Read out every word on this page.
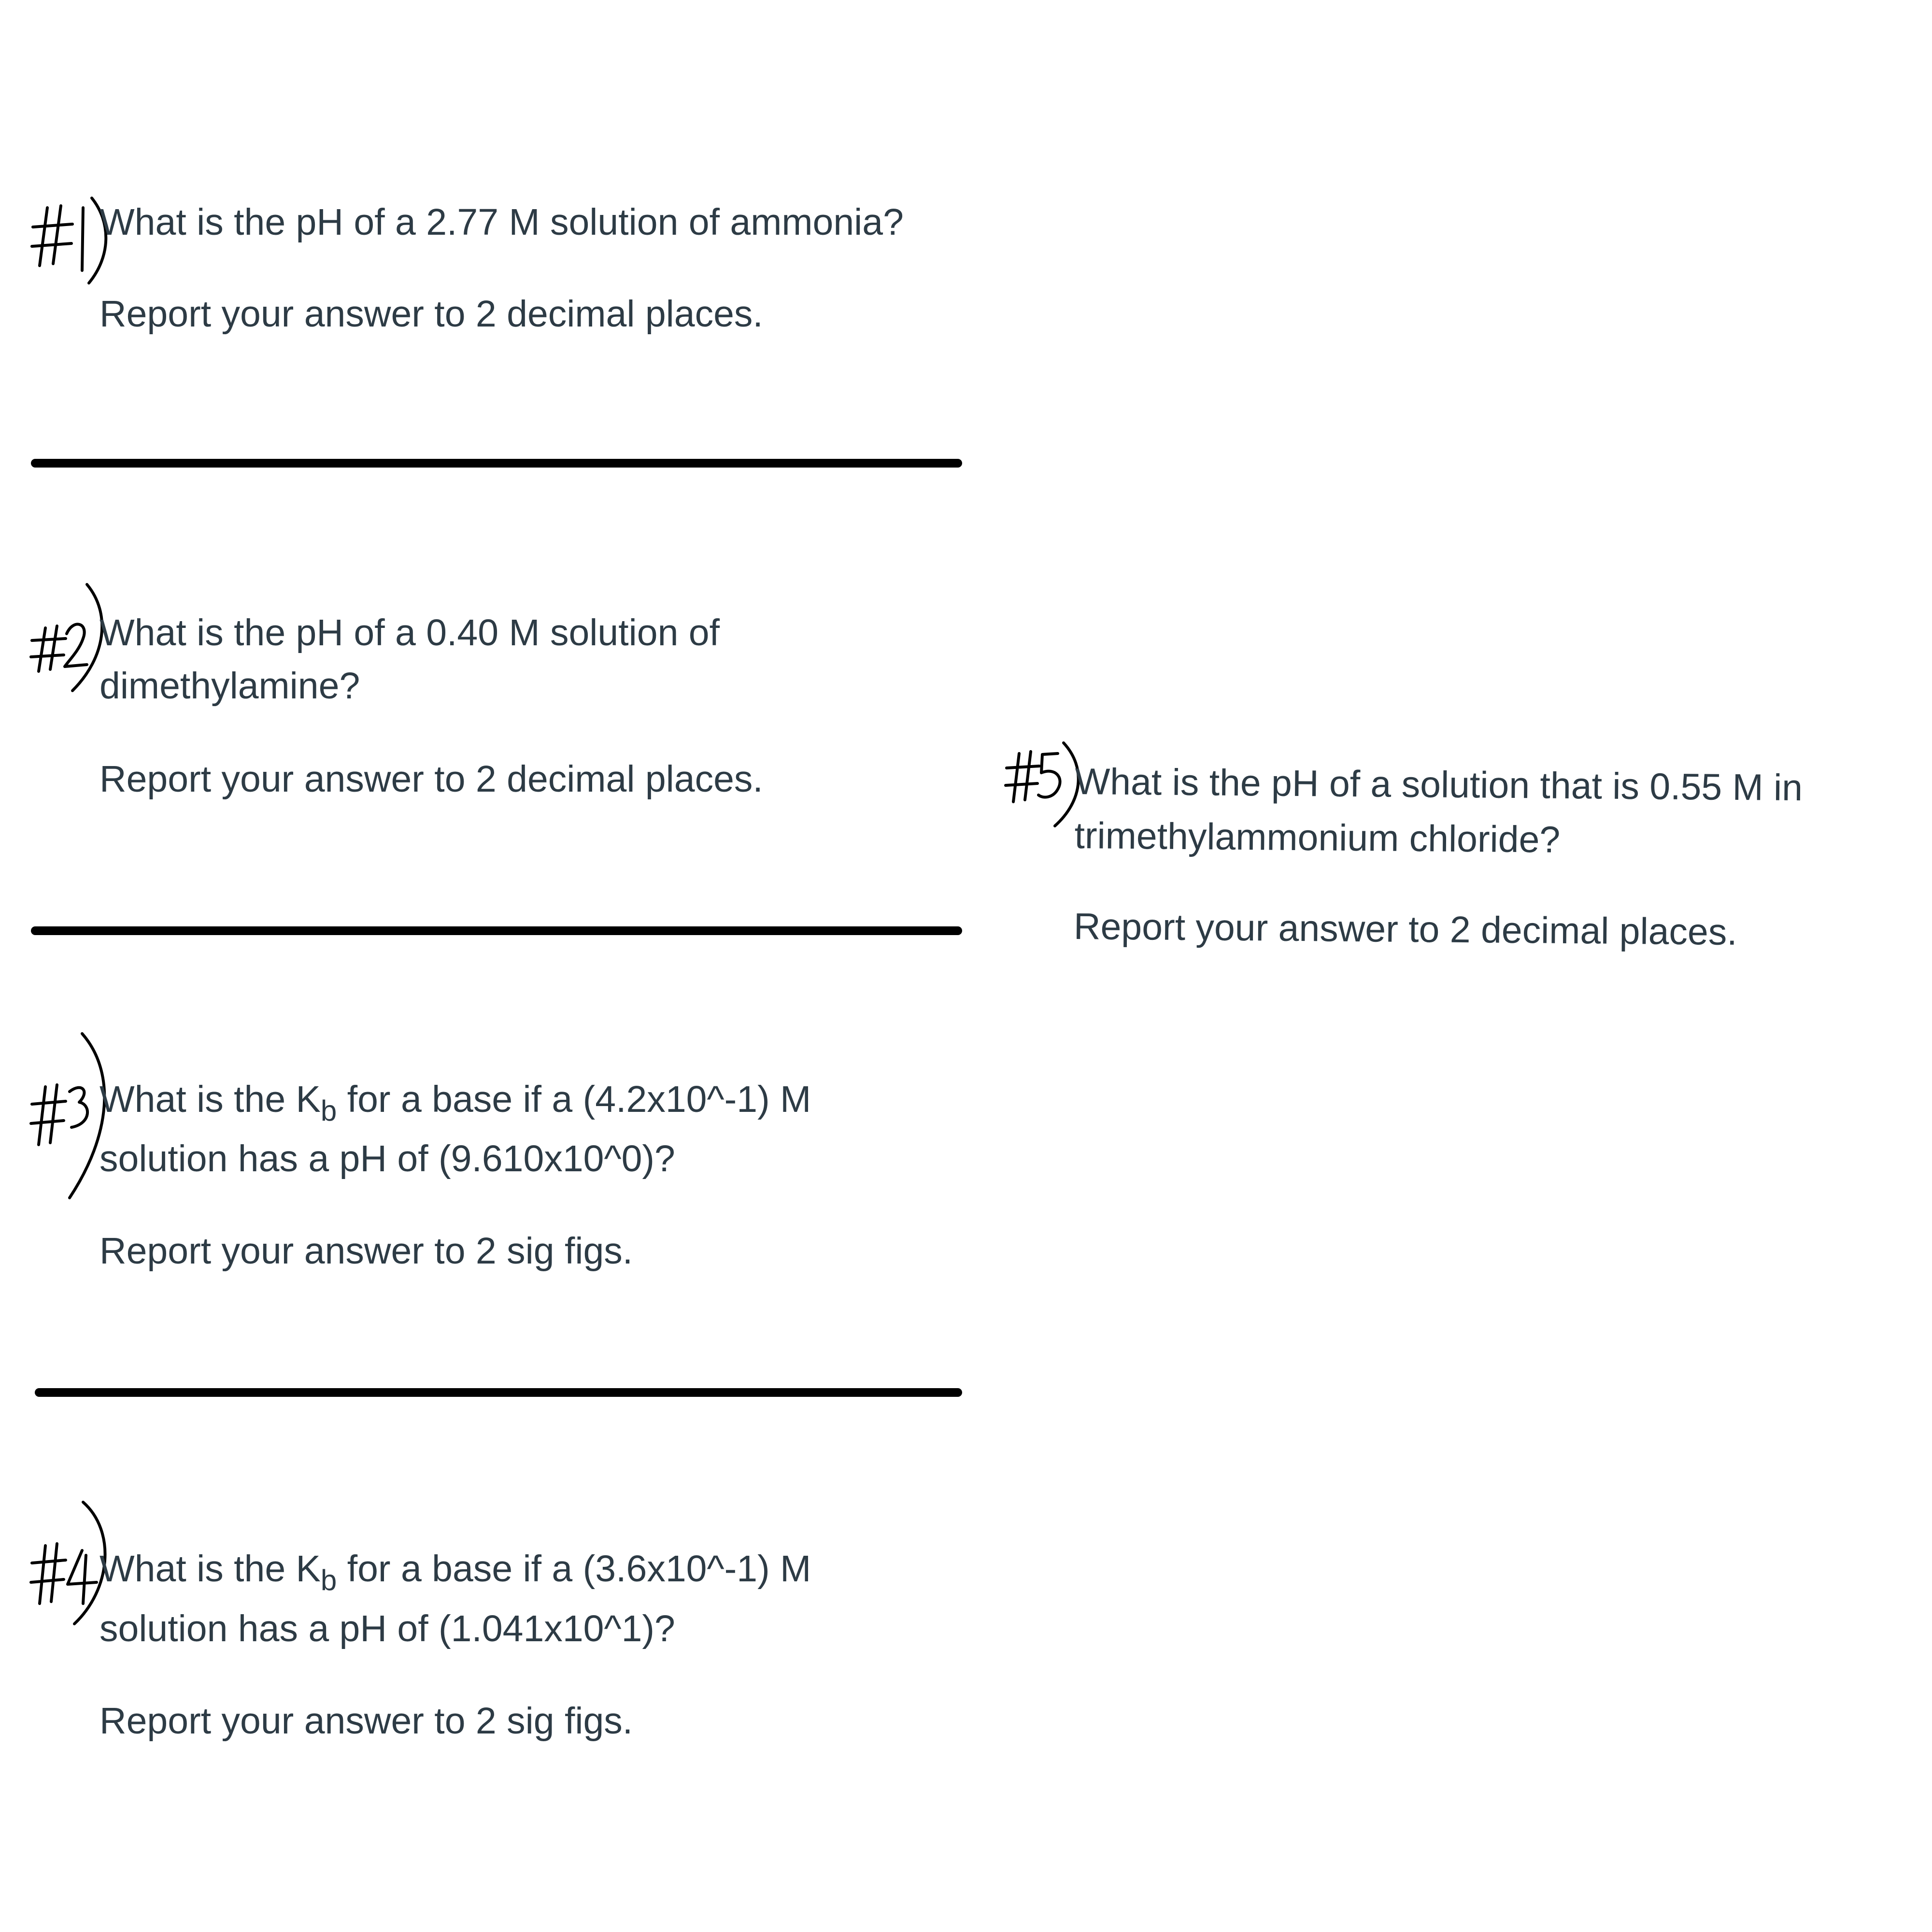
What is the pH of a 2.77 M solution of ammonia?

Report your answer to 2 decimal places.

What is the pH of a 0.40 M solution of

dimethylamine?

Report your answer to 2 decimal places.

What is the $K_b$ for a base if a (4.2x10^-1) M

solution has a pH of (9.610x10^0)?

Report your answer to 2 sig figs.

What is the $K_b$ for a base if a (3.6x10^-1) M

solution has a pH of (1.041x10^1)?

Report your answer to 2 sig figs.

What is the pH of a solution that is 0.55 M in

trimethylammonium chloride?

Report your answer to 2 decimal places.
